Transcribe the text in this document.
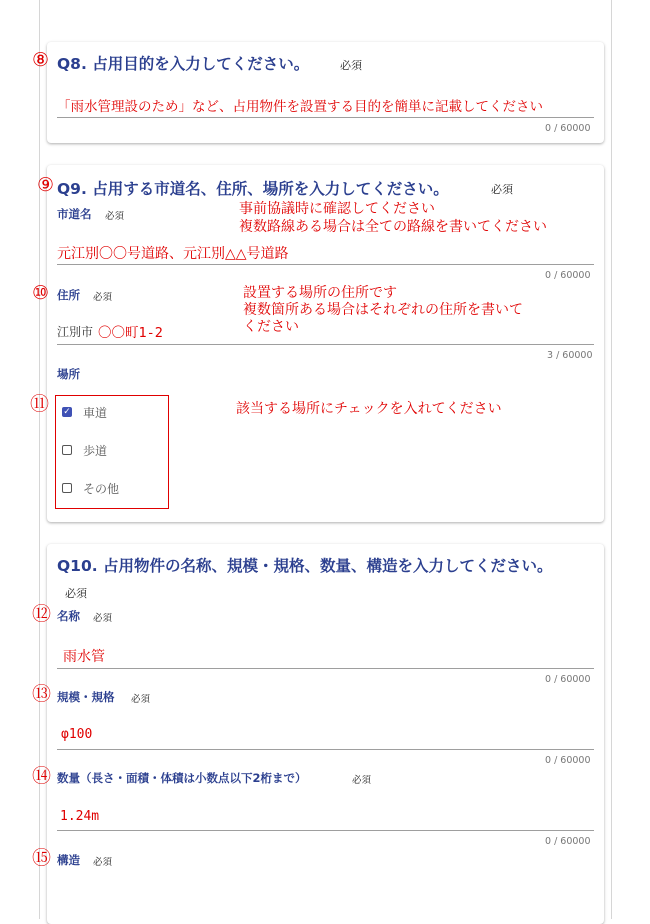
⑧ Q8. 占用目的を入力してください。	必須
「雨水管理設のため」など、占用物件を設置する目的を簡単に記載してください
0 / 60000
⑨ Q9. 占用する市道名、住所、場所を入力してください。	必須
市道名 必須	事前協議時に確認してください
複数路線ある場合は全ての路線を書いてください
元江別〇〇号道路、元江別△△号道路
0 / 60000
⑩ 住所 必須	設置する場所の住所です
複数箇所ある場合はそれぞれの住所を書いて
ください
江別市 〇〇町1-2
3 / 60000
場所
⑪	該当する場所にチェックを入れてください
✓ 車道
歩道
その他
Q10. 占用物件の名称、規模・規格、数量、構造を入力してください。
必須
⑫ 名称 必須
雨水管
0 / 60000
⑬ 規模・規格 必須
φ100
0 / 60000
⑭ 数量（長さ・面積・体積は小数点以下2桁まで）	必須
1.24m
0 / 60000
⑮ 構造 必須
